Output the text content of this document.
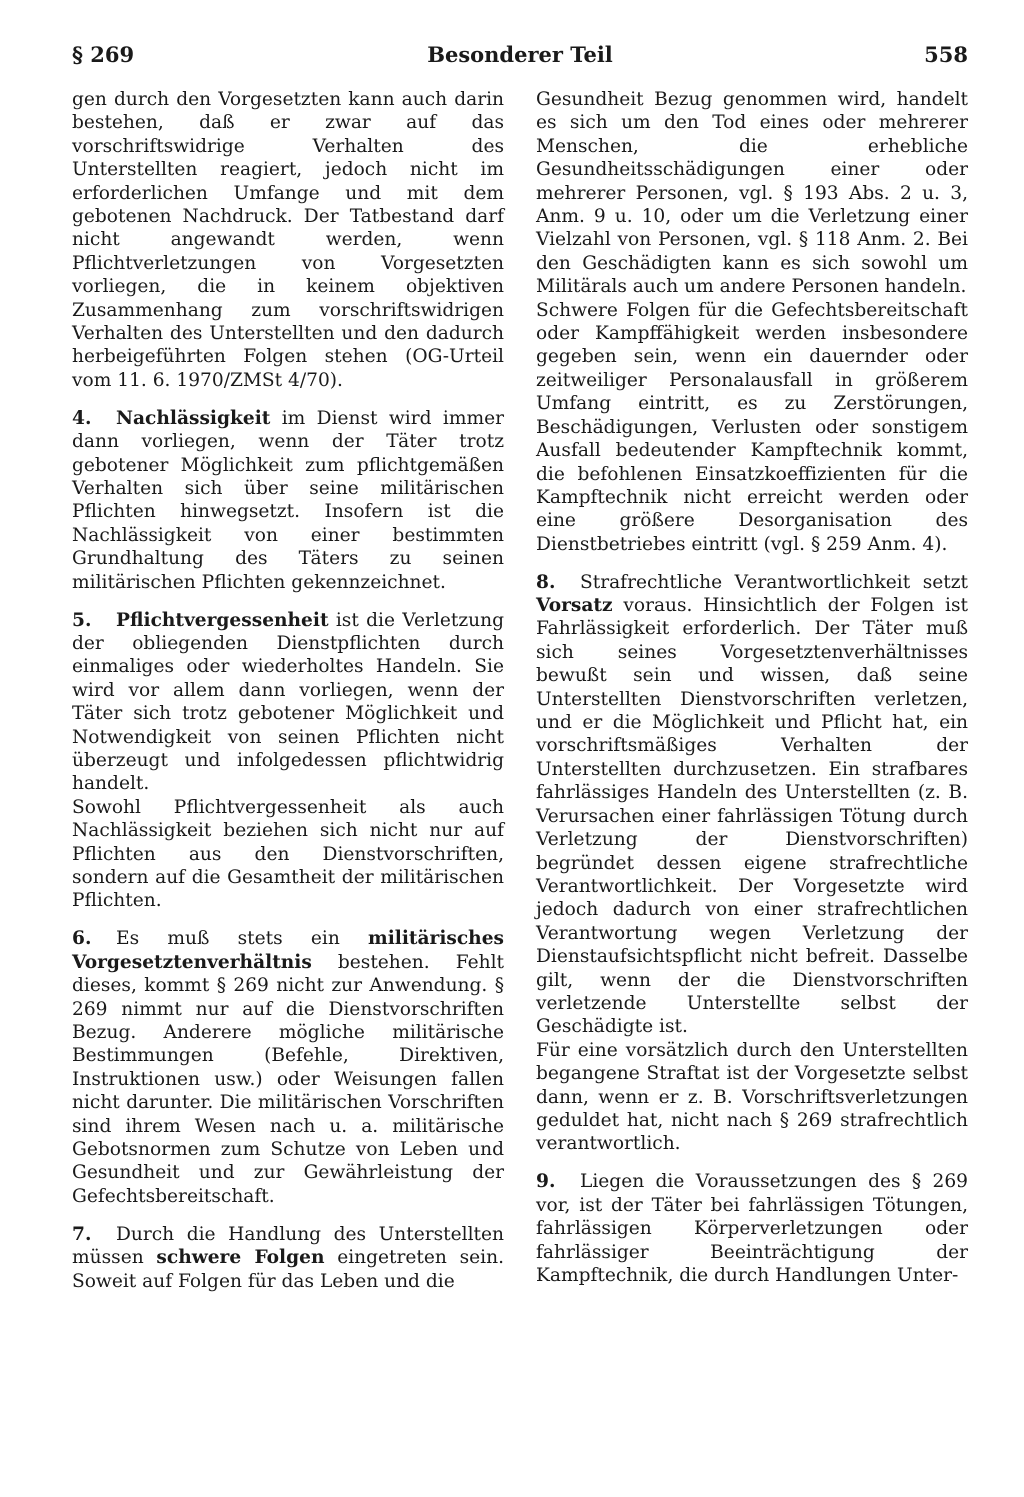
§ 269	Besonderer Teil	558

gen durch den Vorgesetzten kann auch darin bestehen, daß er zwar auf das vorschriftswidrige Verhalten des Unterstellten reagiert, jedoch nicht im erforderlichen Umfange und mit dem gebotenen Nachdruck. Der Tatbestand darf nicht angewandt werden, wenn Pflichtverletzungen von Vorgesetzten vorliegen, die in keinem objektiven Zusammenhang zum vorschriftswidrigen Verhalten des Unterstellten und den dadurch herbeigeführten Folgen stehen (OG-Urteil vom 11. 6. 1970/ZMSt 4/70).

4. Nachlässigkeit im Dienst wird immer dann vorliegen, wenn der Täter trotz gebotener Möglichkeit zum pflichtgemäßen Verhalten sich über seine militärischen Pflichten hinwegsetzt. Insofern ist die Nachlässigkeit von einer bestimmten Grundhaltung des Täters zu seinen militärischen Pflichten gekennzeichnet.

5. Pflichtvergessenheit ist die Verletzung der obliegenden Dienstpflichten durch einmaliges oder wiederholtes Handeln. Sie wird vor allem dann vorliegen, wenn der Täter sich trotz gebotener Möglichkeit und Notwendigkeit von seinen Pflichten nicht überzeugt und infolgedessen pflichtwidrig handelt.

Sowohl Pflichtvergessenheit als auch Nachlässigkeit beziehen sich nicht nur auf Pflichten aus den Dienstvorschriften, sondern auf die Gesamtheit der militärischen Pflichten.

6. Es muß stets ein militärisches Vorgesetztenverhältnis bestehen. Fehlt dieses, kommt § 269 nicht zur Anwendung. § 269 nimmt nur auf die Dienstvorschriften Bezug. Anderere mögliche militärische Bestimmungen (Befehle, Direktiven, Instruktionen usw.) oder Weisungen fallen nicht darunter. Die militärischen Vorschriften sind ihrem Wesen nach u. a. militärische Gebotsnormen zum Schutze von Leben und Gesundheit und zur Gewährleistung der Gefechtsbereitschaft.

7. Durch die Handlung des Unterstellten müssen schwere Folgen eingetreten sein. Soweit auf Folgen für das Leben und die

Gesundheit Bezug genommen wird, handelt es sich um den Tod eines oder mehrerer Menschen, die erhebliche Gesundheitsschädigungen einer oder mehrerer Personen, vgl. § 193 Abs. 2 u. 3, Anm. 9 u. 10, oder um die Verletzung einer Vielzahl von Personen, vgl. § 118 Anm. 2. Bei den Geschädigten kann es sich sowohl um Militärals auch um andere Personen handeln.

Schwere Folgen für die Gefechtsbereitschaft oder Kampffähigkeit werden insbesondere gegeben sein, wenn ein dauernder oder zeitweiliger Personalausfall in größerem Umfang eintritt, es zu Zerstörungen, Beschädigungen, Verlusten oder sonstigem Ausfall bedeutender Kampftechnik kommt, die befohlenen Einsatzkoeffizienten für die Kampftechnik nicht erreicht werden oder eine größere Desorganisation des Dienstbetriebes eintritt (vgl. § 259 Anm. 4).

8. Strafrechtliche Verantwortlichkeit setzt Vorsatz voraus. Hinsichtlich der Folgen ist Fahrlässigkeit erforderlich. Der Täter muß sich seines Vorgesetztenverhältnisses bewußt sein und wissen, daß seine Unterstellten Dienstvorschriften verletzen, und er die Möglichkeit und Pflicht hat, ein vorschriftsmäßiges Verhalten der Unterstellten durchzusetzen. Ein strafbares fahrlässiges Handeln des Unterstellten (z. B. Verursachen einer fahrlässigen Tötung durch Verletzung der Dienstvorschriften) begründet dessen eigene strafrechtliche Verantwortlichkeit. Der Vorgesetzte wird jedoch dadurch von einer strafrechtlichen Verantwortung wegen Verletzung der Dienstaufsichtspflicht nicht befreit. Dasselbe gilt, wenn der die Dienstvorschriften verletzende Unterstellte selbst der Geschädigte ist.

Für eine vorsätzlich durch den Unterstellten begangene Straftat ist der Vorgesetzte selbst dann, wenn er z. B. Vorschriftsverletzungen geduldet hat, nicht nach § 269 strafrechtlich verantwortlich.

9. Liegen die Voraussetzungen des § 269 vor, ist der Täter bei fahrlässigen Tötungen, fahrlässigen Körperverletzungen oder fahrlässiger Beeinträchtigung der Kampftechnik, die durch Handlungen Unter-
